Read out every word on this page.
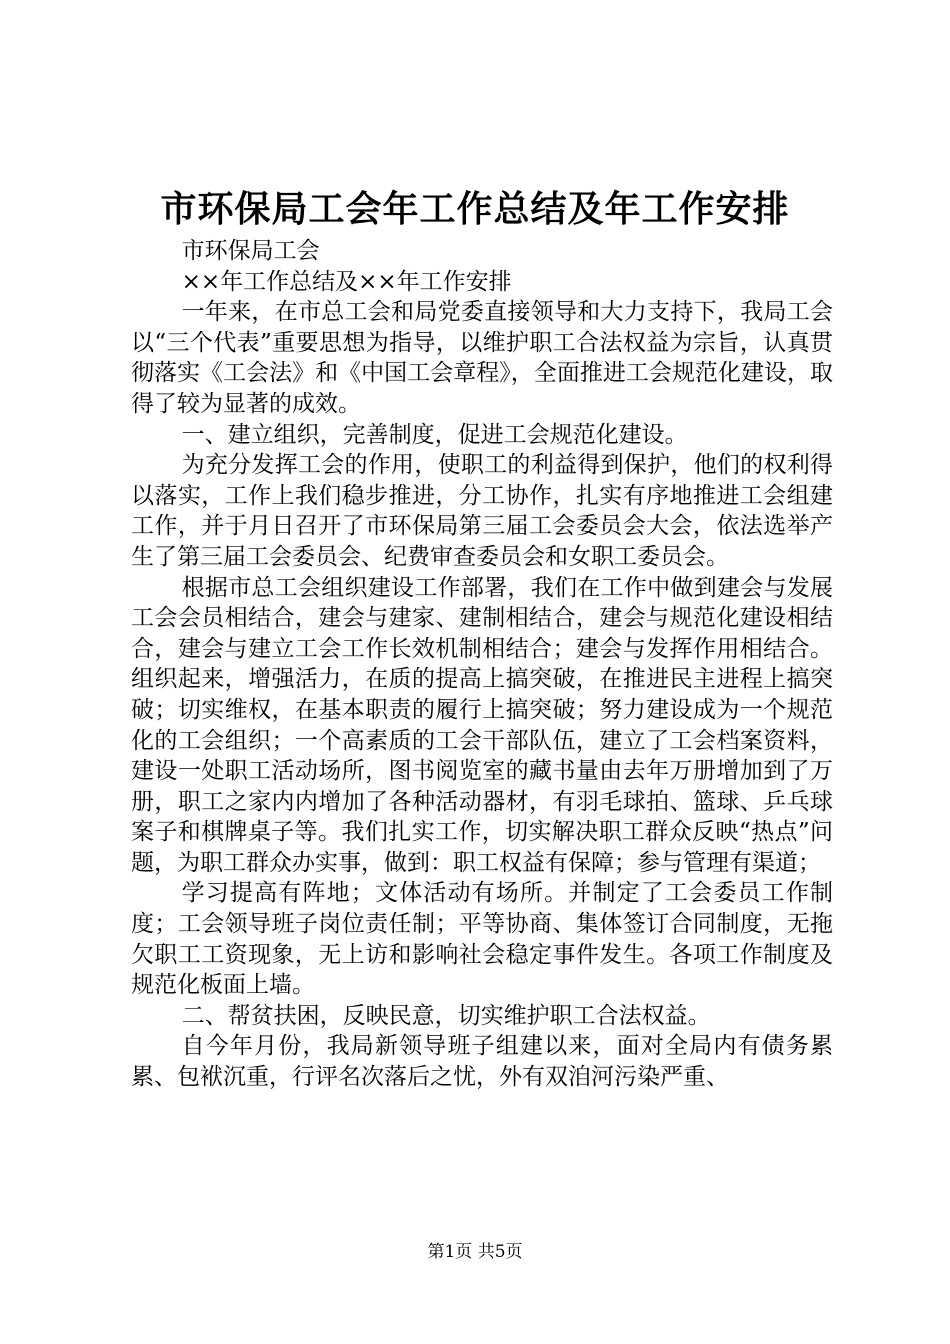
市环保局工会年工作总结及年工作安排

市环保局工会

××年工作总结及××年工作安排

一年来，在市总工会和局党委直接领导和大力支持下，我局工会以“三个代表”重要思想为指导，以维护职工合法权益为宗旨，认真贯彻落实《工会法》和《中国工会章程》，全面推进工会规范化建设，取得了较为显著的成效。

一、建立组织，完善制度，促进工会规范化建设。

为充分发挥工会的作用，使职工的利益得到保护，他们的权利得以落实，工作上我们稳步推进，分工协作，扎实有序地推进工会组建工作，并于月日召开了市环保局第三届工会委员会大会，依法选举产生了第三届工会委员会、纪费审查委员会和女职工委员会。

根据市总工会组织建设工作部署，我们在工作中做到建会与发展工会会员相结合，建会与建家、建制相结合，建会与规范化建设相结合，建会与建立工会工作长效机制相结合；建会与发挥作用相结合。组织起来，增强活力，在质的提高上搞突破，在推进民主进程上搞突破；切实维权，在基本职责的履行上搞突破；努力建设成为一个规范化的工会组织；一个高素质的工会干部队伍，建立了工会档案资料，建设一处职工活动场所，图书阅览室的藏书量由去年万册增加到了万册，职工之家内内增加了各种活动器材，有羽毛球拍、篮球、乒乓球案子和棋牌桌子等。我们扎实工作，切实解决职工群众反映“热点”问题，为职工群众办实事，做到：职工权益有保障；参与管理有渠道；

学习提高有阵地；文体活动有场所。并制定了工会委员工作制度；工会领导班子岗位责任制；平等协商、集体签订合同制度，无拖欠职工工资现象，无上访和影响社会稳定事件发生。各项工作制度及规范化板面上墙。

二、帮贫扶困，反映民意，切实维护职工合法权益。

自今年月份，我局新领导班子组建以来，面对全局内有债务累累、包袱沉重，行评名次落后之忧，外有双洎河污染严重、

第1页 共5页
